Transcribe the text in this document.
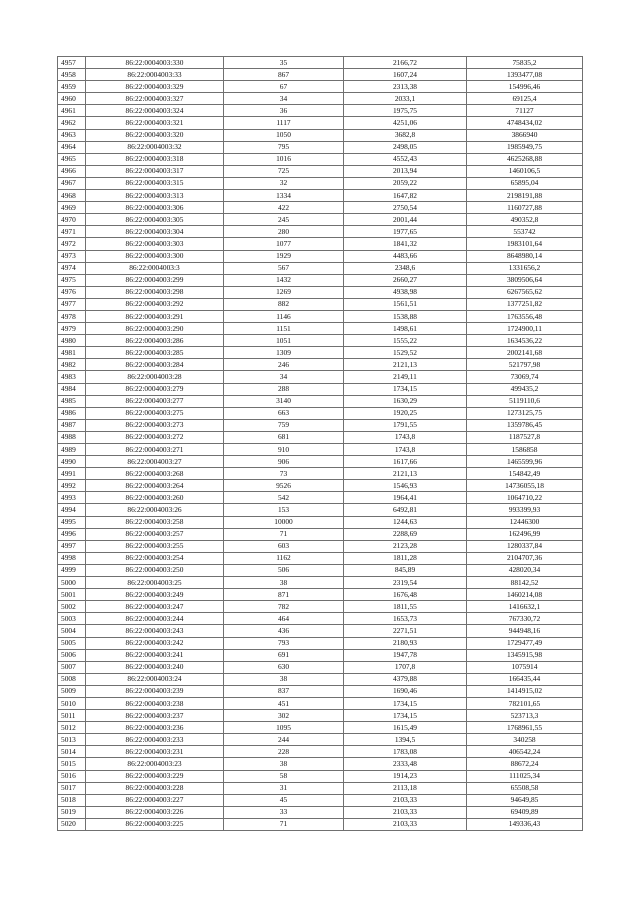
4957	86:22:0004003:330	35	2166,72	75835,2
4958	86:22:0004003:33	867	1607,24	1393477,08
4959	86:22:0004003:329	67	2313,38	154996,46
4960	86:22:0004003:327	34	2033,1	69125,4
4961	86:22:0004003:324	36	1975,75	71127
4962	86:22:0004003:321	1117	4251,06	4748434,02
4963	86:22:0004003:320	1050	3682,8	3866940
4964	86:22:0004003:32	795	2498,05	1985949,75
4965	86:22:0004003:318	1016	4552,43	4625268,88
4966	86:22:0004003:317	725	2013,94	1460106,5
4967	86:22:0004003:315	32	2059,22	65895,04
4968	86:22:0004003:313	1334	1647,82	2198191,88
4969	86:22:0004003:306	422	2750,54	1160727,88
4970	86:22:0004003:305	245	2001,44	490352,8
4971	86:22:0004003:304	280	1977,65	553742
4972	86:22:0004003:303	1077	1841,32	1983101,64
4973	86:22:0004003:300	1929	4483,66	8648980,14
4974	86:22:0004003:3	567	2348,6	1331656,2
4975	86:22:0004003:299	1432	2660,27	3809506,64
4976	86:22:0004003:298	1269	4938,98	6267565,62
4977	86:22:0004003:292	882	1561,51	1377251,82
4978	86:22:0004003:291	1146	1538,88	1763556,48
4979	86:22:0004003:290	1151	1498,61	1724900,11
4980	86:22:0004003:286	1051	1555,22	1634536,22
4981	86:22:0004003:285	1309	1529,52	2002141,68
4982	86:22:0004003:284	246	2121,13	521797,98
4983	86:22:0004003:28	34	2149,11	73069,74
4984	86:22:0004003:279	288	1734,15	499435,2
4985	86:22:0004003:277	3140	1630,29	5119110,6
4986	86:22:0004003:275	663	1920,25	1273125,75
4987	86:22:0004003:273	759	1791,55	1359786,45
4988	86:22:0004003:272	681	1743,8	1187527,8
4989	86:22:0004003:271	910	1743,8	1586858
4990	86:22:0004003:27	906	1617,66	1465599,96
4991	86:22:0004003:268	73	2121,13	154842,49
4992	86:22:0004003:264	9526	1546,93	14736055,18
4993	86:22:0004003:260	542	1964,41	1064710,22
4994	86:22:0004003:26	153	6492,81	993399,93
4995	86:22:0004003:258	10000	1244,63	12446300
4996	86:22:0004003:257	71	2288,69	162496,99
4997	86:22:0004003:255	603	2123,28	1280337,84
4998	86:22:0004003:254	1162	1811,28	2104707,36
4999	86:22:0004003:250	506	845,89	428020,34
5000	86:22:0004003:25	38	2319,54	88142,52
5001	86:22:0004003:249	871	1676,48	1460214,08
5002	86:22:0004003:247	782	1811,55	1416632,1
5003	86:22:0004003:244	464	1653,73	767330,72
5004	86:22:0004003:243	436	2271,51	944948,16
5005	86:22:0004003:242	793	2180,93	1729477,49
5006	86:22:0004003:241	691	1947,78	1345915,98
5007	86:22:0004003:240	630	1707,8	1075914
5008	86:22:0004003:24	38	4379,88	166435,44
5009	86:22:0004003:239	837	1690,46	1414915,02
5010	86:22:0004003:238	451	1734,15	782101,65
5011	86:22:0004003:237	302	1734,15	523713,3
5012	86:22:0004003:236	1095	1615,49	1768961,55
5013	86:22:0004003:233	244	1394,5	340258
5014	86:22:0004003:231	228	1783,08	406542,24
5015	86:22:0004003:23	38	2333,48	88672,24
5016	86:22:0004003:229	58	1914,23	111025,34
5017	86:22:0004003:228	31	2113,18	65508,58
5018	86:22:0004003:227	45	2103,33	94649,85
5019	86:22:0004003:226	33	2103,33	69409,89
5020	86:22:0004003:225	71	2103,33	149336,43
